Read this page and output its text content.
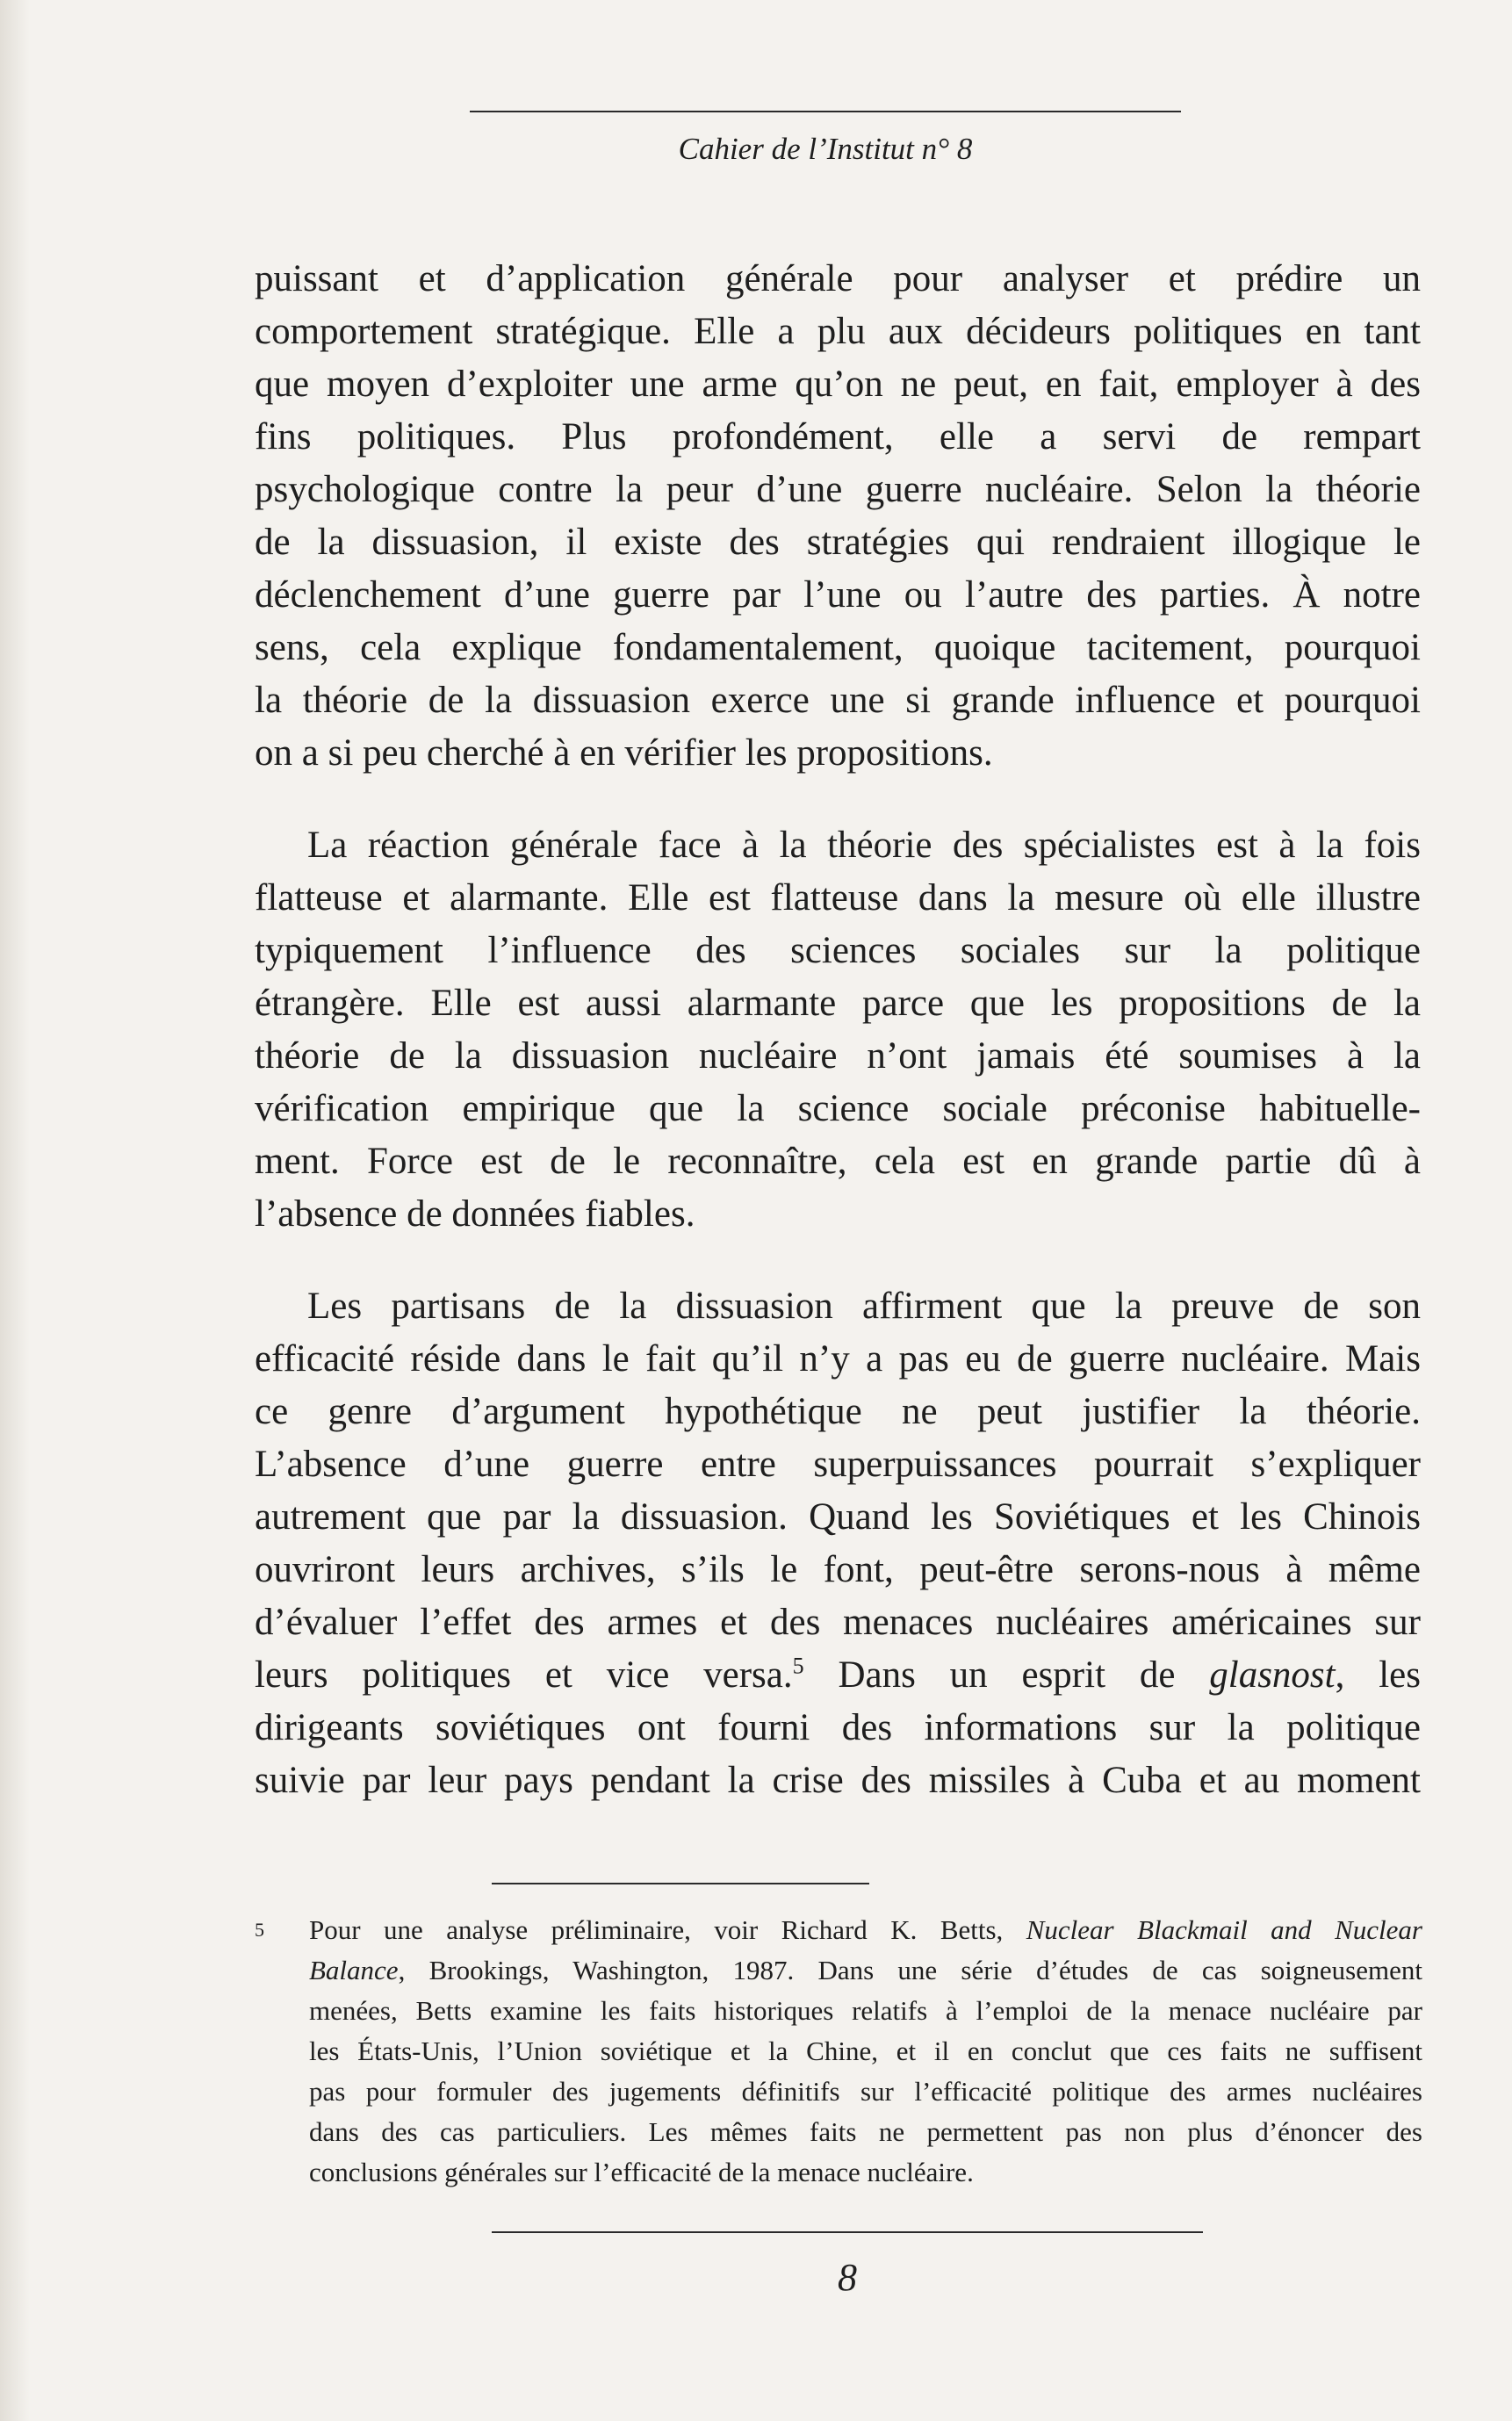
Cahier de l’Institut n° 8

puissant et d’application générale pour analyser et prédire un
comportement stratégique. Elle a plu aux décideurs politiques en tant
que moyen d’exploiter une arme qu’on ne peut, en fait, employer à des
fins politiques. Plus profondément, elle a servi de rempart
psychologique contre la peur d’une guerre nucléaire. Selon la théorie
de la dissuasion, il existe des stratégies qui rendraient illogique le
déclenchement d’une guerre par l’une ou l’autre des parties. À notre
sens, cela explique fondamentalement, quoique tacitement, pourquoi
la théorie de la dissuasion exerce une si grande influence et pourquoi
on a si peu cherché à en vérifier les propositions.

La réaction générale face à la théorie des spécialistes est à la fois
flatteuse et alarmante. Elle est flatteuse dans la mesure où elle illustre
typiquement l’influence des sciences sociales sur la politique
étrangère. Elle est aussi alarmante parce que les propositions de la
théorie de la dissuasion nucléaire n’ont jamais été soumises à la
vérification empirique que la science sociale préconise habituelle-
ment. Force est de le reconnaître, cela est en grande partie dû à
l’absence de données fiables.

Les partisans de la dissuasion affirment que la preuve de son
efficacité réside dans le fait qu’il n’y a pas eu de guerre nucléaire. Mais
ce genre d’argument hypothétique ne peut justifier la théorie.
L’absence d’une guerre entre superpuissances pourrait s’expliquer
autrement que par la dissuasion. Quand les Soviétiques et les Chinois
ouvriront leurs archives, s’ils le font, peut-être serons-nous à même
d’évaluer l’effet des armes et des menaces nucléaires américaines sur
leurs politiques et vice versa.$^5$ Dans un esprit de glasnost, les
dirigeants soviétiques ont fourni des informations sur la politique
suivie par leur pays pendant la crise des missiles à Cuba et au moment

5 Pour une analyse préliminaire, voir Richard K. Betts, Nuclear Blackmail and Nuclear
Balance, Brookings, Washington, 1987. Dans une série d’études de cas soigneusement
menées, Betts examine les faits historiques relatifs à l’emploi de la menace nucléaire par
les États-Unis, l’Union soviétique et la Chine, et il en conclut que ces faits ne suffisent
pas pour formuler des jugements définitifs sur l’efficacité politique des armes nucléaires
dans des cas particuliers. Les mêmes faits ne permettent pas non plus d’énoncer des
conclusions générales sur l’efficacité de la menace nucléaire.
8
